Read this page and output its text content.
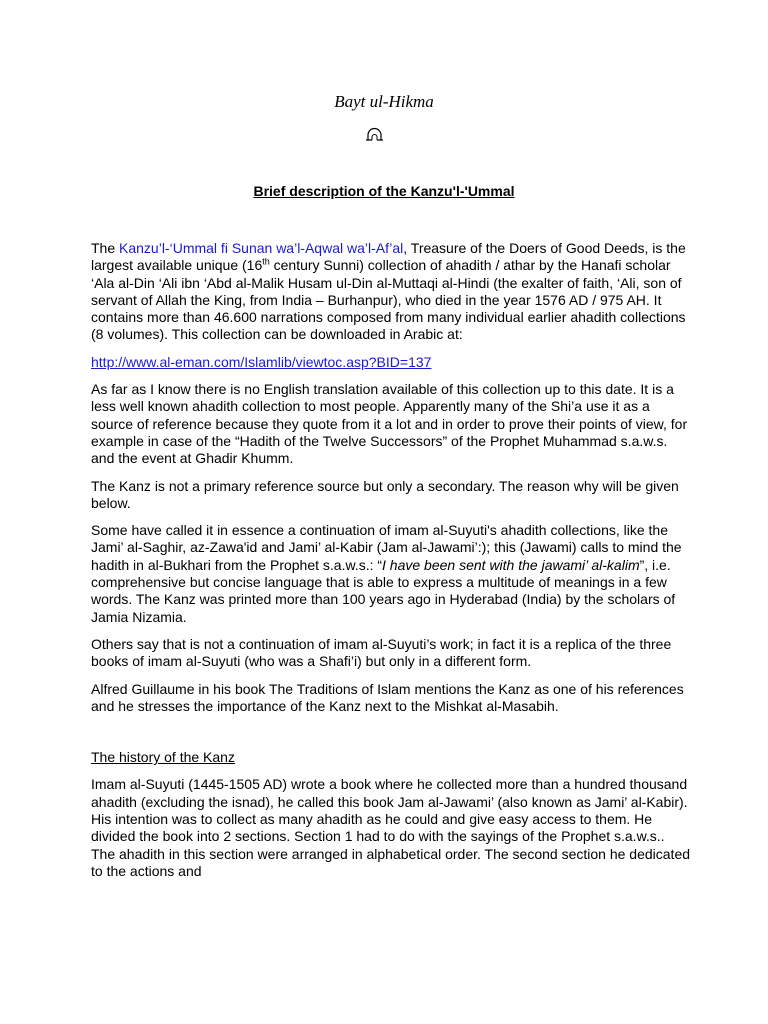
Bayt ul-Hikma
Brief description of the Kanzu'l-'Ummal

The Kanzu’l-‘Ummal fi Sunan wa’l-Aqwal wa’l-Af’al, Treasure of the Doers of Good Deeds, is the largest available unique (16th century Sunni) collection of ahadith / athar by the Hanafi scholar ‘Ala al-Din ‘Ali ibn ‘Abd al-Malik Husam ul-Din al-Muttaqi al-Hindi (the exalter of faith, ‘Ali, son of servant of Allah the King, from India – Burhanpur), who died in the year 1576 AD / 975 AH. It contains more than 46.600 narrations composed from many individual earlier ahadith collections (8 volumes). This collection can be downloaded in Arabic at:

http://www.al-eman.com/Islamlib/viewtoc.asp?BID=137

As far as I know there is no English translation available of this collection up to this date. It is a less well known ahadith collection to most people. Apparently many of the Shi’a use it as a source of reference because they quote from it a lot and in order to prove their points of view, for example in case of the “Hadith of the Twelve Successors” of the Prophet Muhammad s.a.w.s. and the event at Ghadir Khumm.

The Kanz is not a primary reference source but only a secondary. The reason why will be given below.

Some have called it in essence a continuation of imam al-Suyuti's ahadith collections, like the Jami’ al-Saghir, az-Zawa'id and Jami’ al-Kabir (Jam al-Jawami’:); this (Jawami) calls to mind the hadith in al-Bukhari from the Prophet s.a.w.s.: “I have been sent with the jawami’ al-kalim”, i.e. comprehensive but concise language that is able to express a multitude of meanings in a few words. The Kanz was printed more than 100 years ago in Hyderabad (India) by the scholars of Jamia Nizamia.

Others say that is not a continuation of imam al-Suyuti’s work; in fact it is a replica of the three books of imam al-Suyuti (who was a Shafi’i) but only in a different form.

Alfred Guillaume in his book The Traditions of Islam mentions the Kanz as one of his references and he stresses the importance of the Kanz next to the Mishkat al-Masabih.

The history of the Kanz

Imam al-Suyuti (1445-1505 AD) wrote a book where he collected more than a hundred thousand ahadith (excluding the isnad), he called this book Jam al-Jawami’ (also known as Jami’ al-Kabir). His intention was to collect as many ahadith as he could and give easy access to them. He divided the book into 2 sections. Section 1 had to do with the sayings of the Prophet s.a.w.s.. The ahadith in this section were arranged in alphabetical order. The second section he dedicated to the actions and
